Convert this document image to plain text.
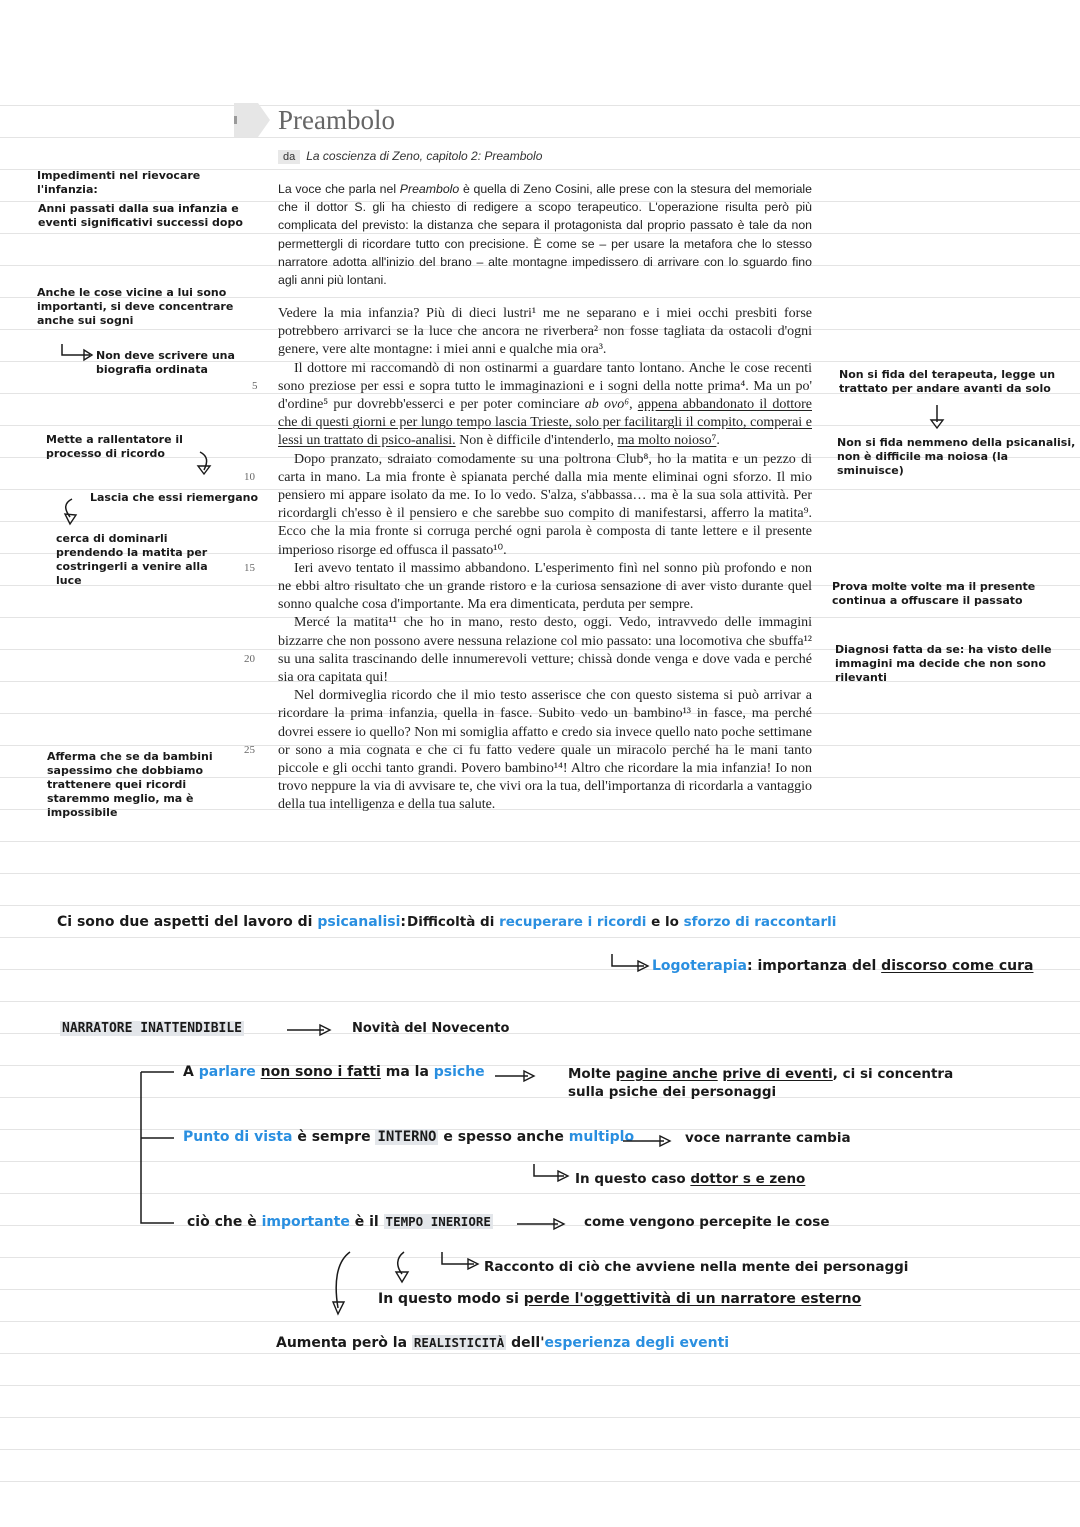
Preambolo
da La coscienza di Zeno, capitolo 2: Preambolo
La voce che parla nel Preambolo è quella di Zeno Cosini, alle prese con la stesura del memoriale che il dottor S. gli ha chiesto di redigere a scopo terapeutico. L'operazione risulta però più complicata del previsto: la distanza che separa il protagonista dal proprio passato è tale da non permettergli di ricordare tutto con precisione. È come se – per usare la metafora che lo stesso narratore adotta all'inizio del brano – alte montagne impedissero di arrivare con lo sguardo fino agli anni più lontani.

Vedere la mia infanzia? Più di dieci lustri¹ me ne separano e i miei occhi presbiti forse potrebbero arrivarci se la luce che ancora ne riverbera² non fosse tagliata da ostacoli d'ogni genere, vere alte montagne: i miei anni e qualche mia ora³.

Il dottore mi raccomandò di non ostinarmi a guardare tanto lontano. Anche le cose recenti sono preziose per essi e sopra tutto le immaginazioni e i sogni della notte prima⁴. Ma un po' d'ordine⁵ pur dovrebb'esserci e per poter cominciare ab ovo⁶, appena abbandonato il dottore che di questi giorni e per lungo tempo lascia Trieste, solo per facilitargli il compito, comperai e lessi un trattato di psico-analisi. Non è difficile d'intenderlo, ma molto noioso⁷.

Dopo pranzato, sdraiato comodamente su una poltrona Club⁸, ho la matita e un pezzo di carta in mano. La mia fronte è spianata perché dalla mia mente eliminai ogni sforzo. Il mio pensiero mi appare isolato da me. Io lo vedo. S'alza, s'abbassa… ma è la sua sola attività. Per ricordargli ch'esso è il pensiero e che sarebbe suo compito di manifestarsi, afferro la matita⁹. Ecco che la mia fronte si corruga perché ogni parola è composta di tante lettere e il presente imperioso risorge ed offusca il passato¹⁰.

Ieri avevo tentato il massimo abbandono. L'esperimento finì nel sonno più profondo e non ne ebbi altro risultato che un grande ristoro e la curiosa sensazione di aver visto durante quel sonno qualche cosa d'importante. Ma era dimenticata, perduta per sempre.

Mercé la matita¹¹ che ho in mano, resto desto, oggi. Vedo, intravvedo delle immagini bizzarre che non possono avere nessuna relazione col mio passato: una locomotiva che sbuffa¹² su una salita trascinando delle innumerevoli vetture; chissà donde venga e dove vada e perché sia ora capitata qui!

Nel dormiveglia ricordo che il mio testo asserisce che con questo sistema si può arrivar a ricordare la prima infanzia, quella in fasce. Subito vedo un bambino¹³ in fasce, ma perché dovrei essere io quello? Non mi somiglia affatto e credo sia invece quello nato poche settimane or sono a mia cognata e che ci fu fatto vedere quale un miracolo perché ha le mani tanto piccole e gli occhi tanto grandi. Povero bambino¹⁴! Altro che ricordare la mia infanzia! Io non trovo neppure la via di avvisare te, che vivi ora la tua, dell'importanza di ricordarla a vantaggio della tua intelligenza e della tua salute.

5
10
15
20
25
Impedimenti nel rievocare l'infanzia:
Anni passati dalla sua infanzia e eventi significativi successi dopo
Anche le cose vicine a lui sono importanti, si deve concentrare anche sui sogni
Non deve scrivere una biografia ordinata
Mette a rallentatore il processo di ricordo
Lascia che essi riemergano
cerca di dominarli prendendo la matita per costringerli a venire alla luce
Afferma che se da bambini sapessimo che dobbiamo trattenere quei ricordi staremmo meglio, ma è impossibile
Non si fida del terapeuta, legge un trattato per andare avanti da solo
Non si fida nemmeno della psicanalisi, non è difficile ma noiosa (la sminuisce)
Prova molte volte ma il presente continua a offuscare il passato
Diagnosi fatta da se: ha visto delle immagini ma decide che non sono rilevanti
Ci sono due aspetti del lavoro di psicanalisi: Difficoltà di recuperare i ricordi e lo sforzo di raccontarli
Logoterapia: importanza del discorso come cura
NARRATORE INATTENDIBILE	Novità del Novecento
A parlare non sono i fatti ma la psiche	Molte pagine anche prive di eventi, ci si concentra
sulla psiche dei personaggi
Punto di vista è sempre INTERNO e spesso anche multiplo	voce narrante cambia
In questo caso dottor s e zeno
ciò che è importante è il TEMPO INERIORE	come vengono percepite le cose
Racconto di ciò che avviene nella mente dei personaggi
In questo modo si perde l'oggettività di un narratore esterno
Aumenta però la REALISTICITÀ dell'esperienza degli eventi
